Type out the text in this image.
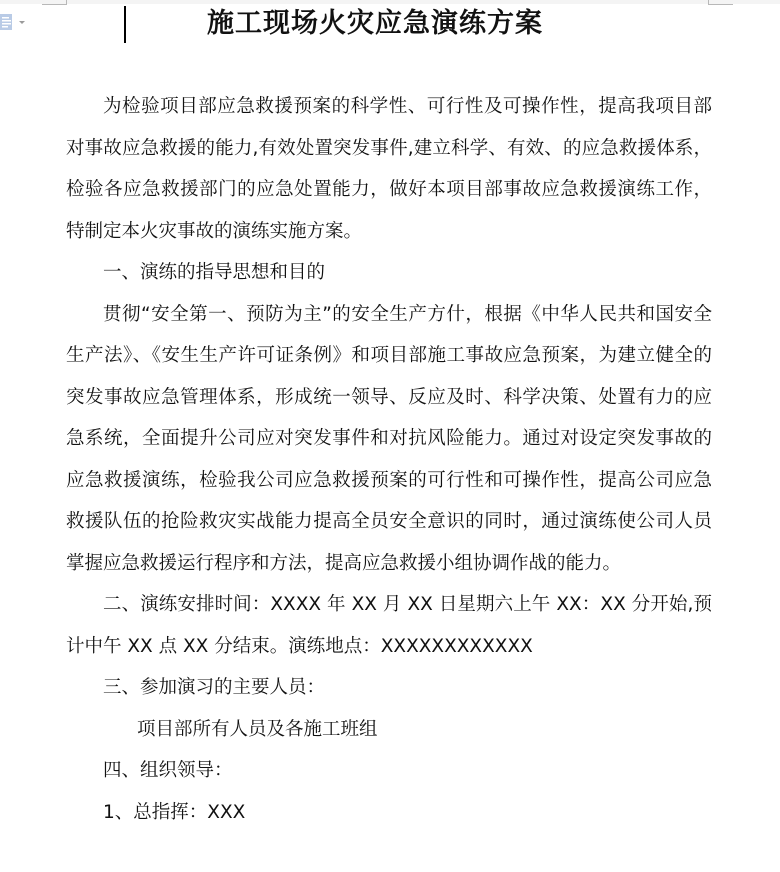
施工现场火灾应急演练方案

为检验项目部应急救援预案的科学性、可行性及可操作性，提高我项目部对事故应急救援的能力,有效处置突发事件,建立科学、有效、的应急救援体系，检验各应急救援部门的应急处置能力，做好本项目部事故应急救援演练工作，特制定本火灾事故的演练实施方案。

一、演练的指导思想和目的

贯彻“安全第一、预防为主”的安全生产方什，根据《中华人民共和国安全生产法》、《安生生产许可证条例》和项目部施工事故应急预案，为建立健全的突发事故应急管理体系，形成统一领导、反应及时、科学决策、处置有力的应急系统，全面提升公司应对突发事件和对抗风险能力。通过对设定突发事故的应急救援演练，检验我公司应急救援预案的可行性和可操作性，提高公司应急救援队伍的抢险救灾实战能力提高全员安全意识的同时，通过演练使公司人员掌握应急救援运行程序和方法，提高应急救援小组协调作战的能力。

二、演练安排时间：XXXX 年 XX 月 XX 日星期六上午 XX：XX 分开始,预计中午 XX 点 XX 分结束。演练地点：XXXXXXXXXXXX

三、参加演习的主要人员：

项目部所有人员及各施工班组

四、组织领导：

1、总指挥：XXX
